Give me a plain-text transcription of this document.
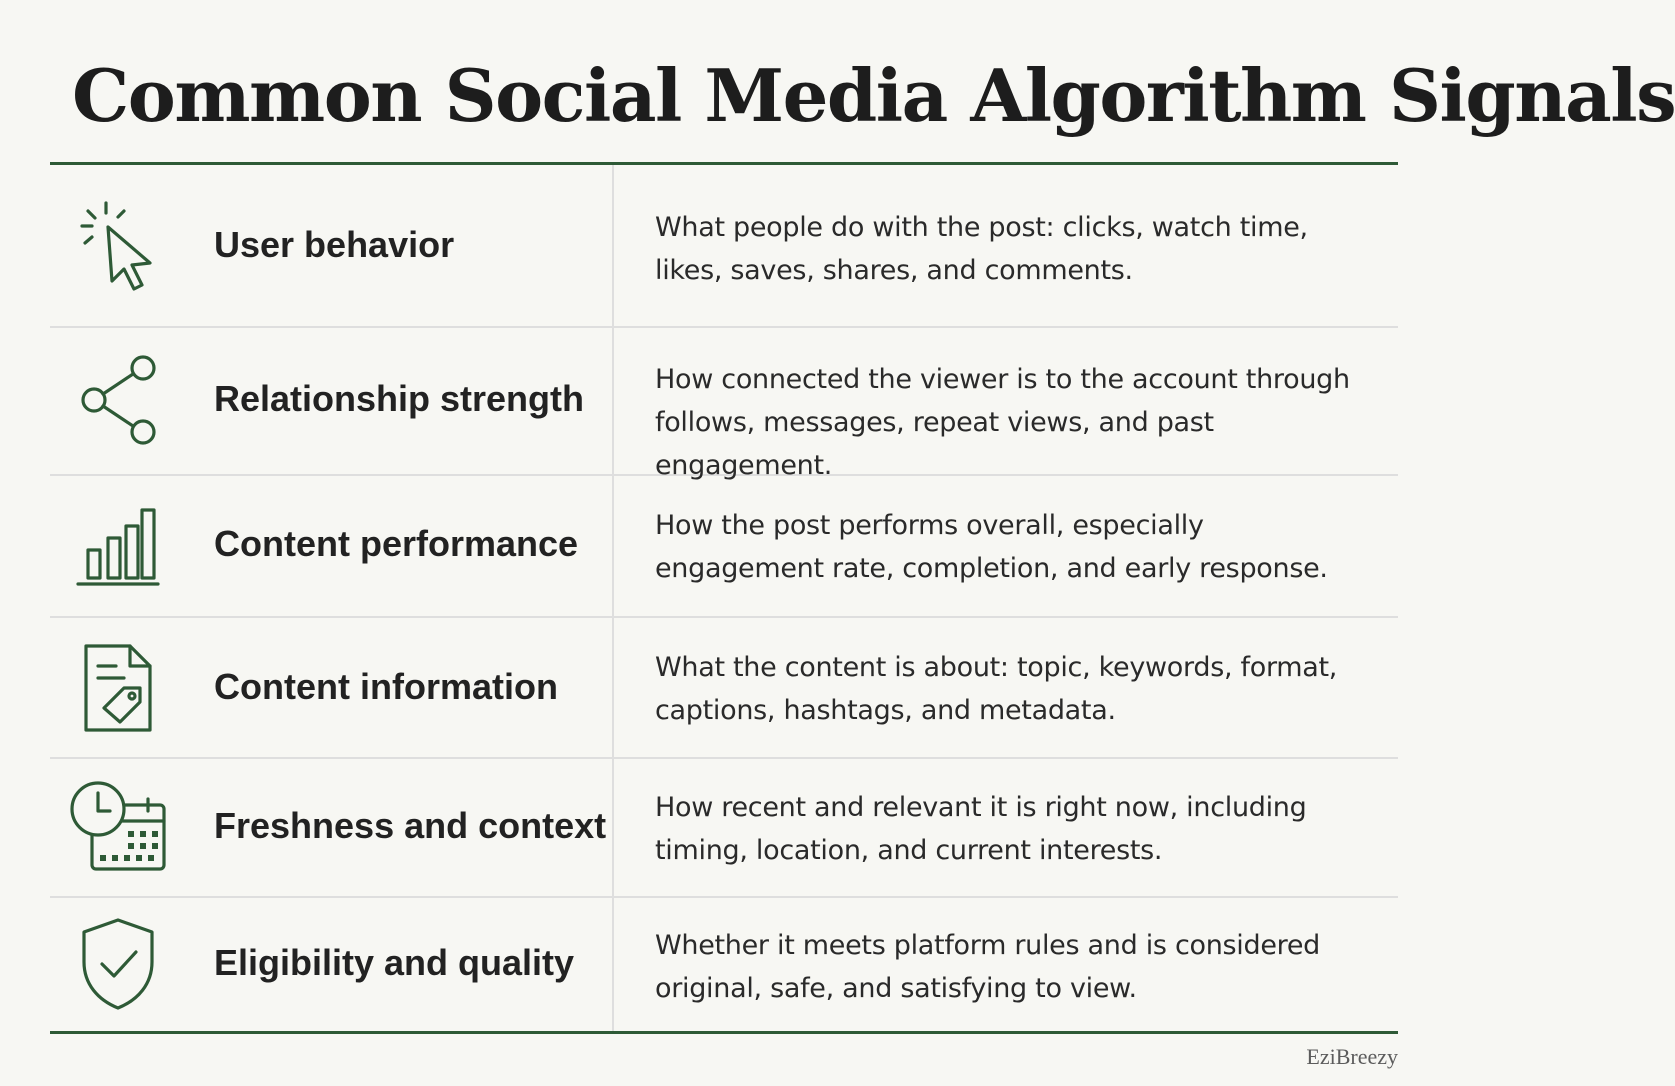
Common Social Media Algorithm Signals
User behavior	What people do with the post: clicks, watch time, likes, saves, shares, and comments.
Relationship strength	How connected the viewer is to the account through follows, messages, repeat views, and past engagement.
Content performance	How the post performs overall, especially engagement rate, completion, and early response.
Content information	What the content is about: topic, keywords, format, captions, hashtags, and metadata.
Freshness and context How recent and relevant it is right now, including timing, location, and current interests.
Eligibility and quality	Whether it meets platform rules and is considered original, safe, and satisfying to view.
EziBreezy
